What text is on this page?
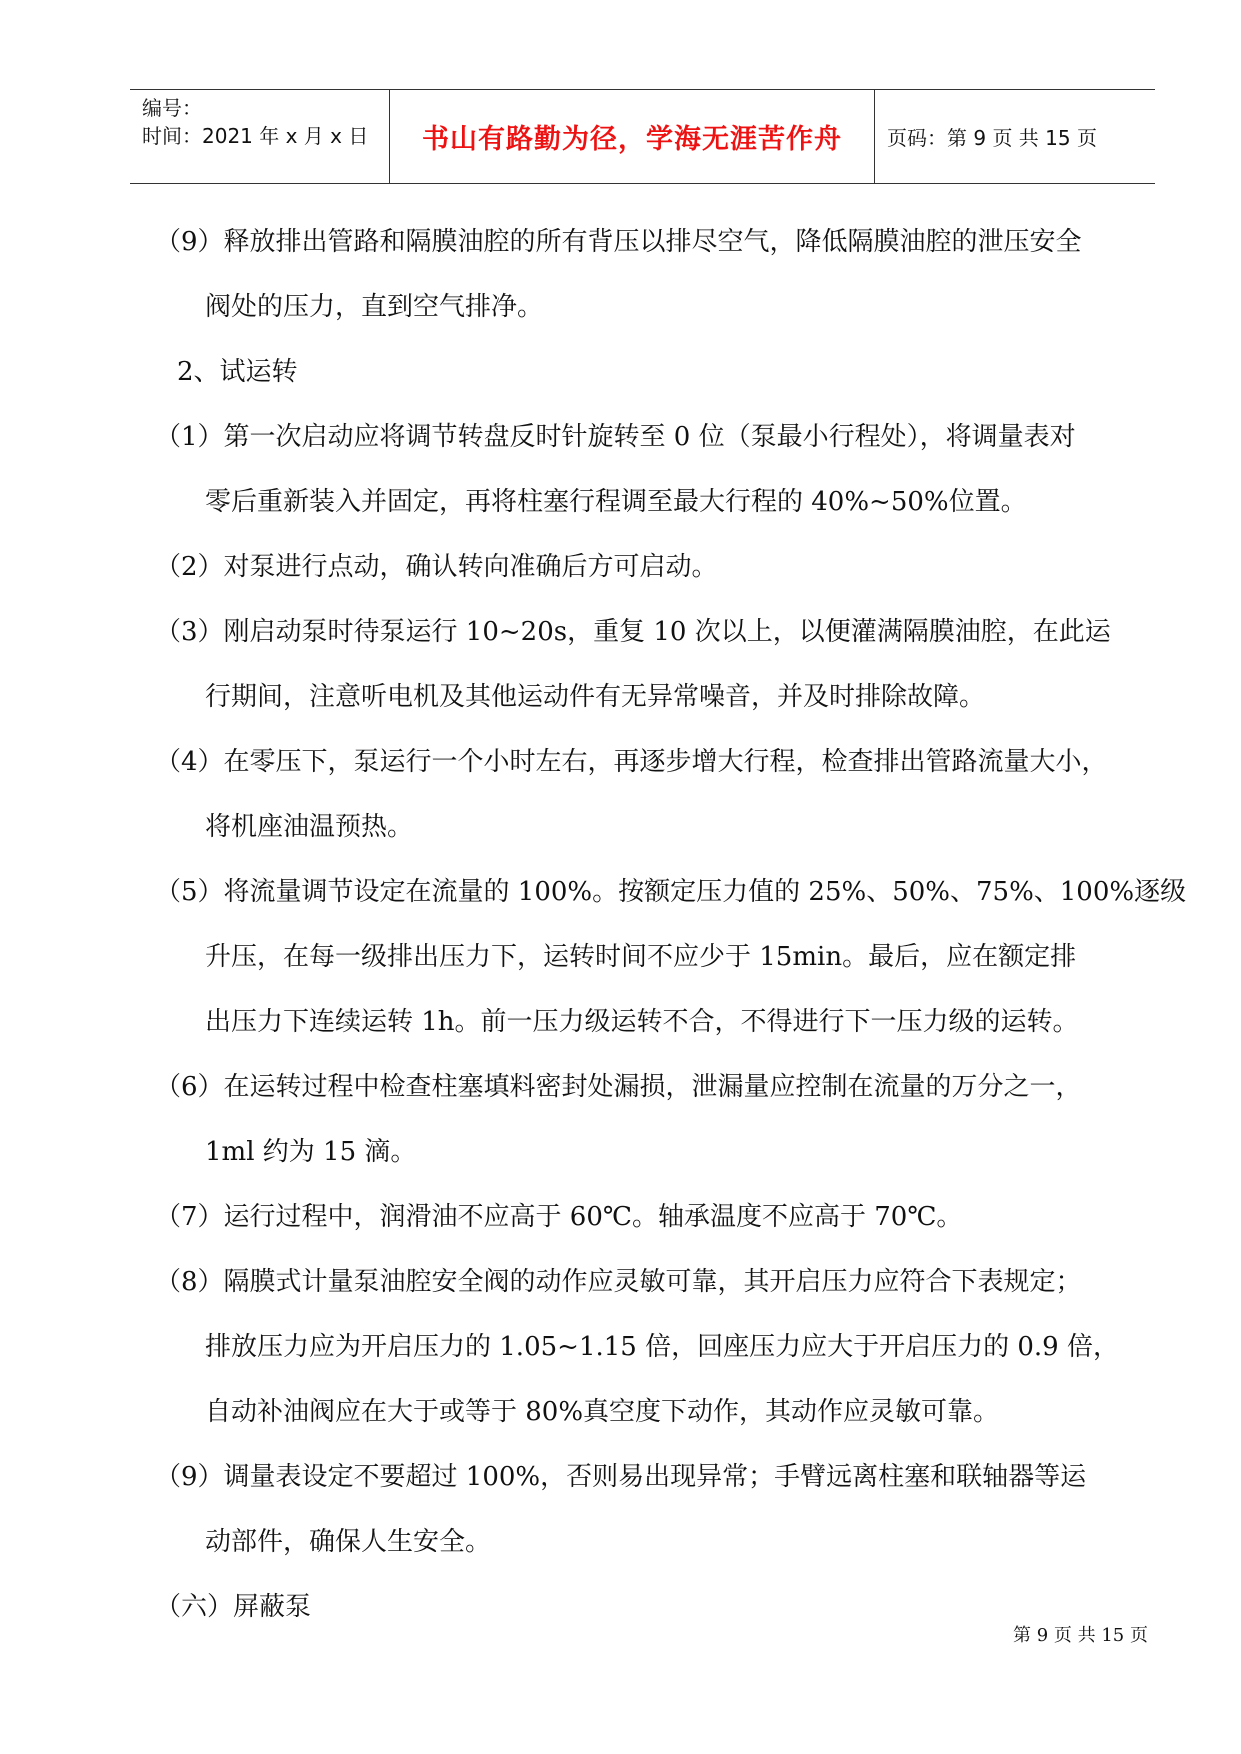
编号：
时间：2021 年 x 月 x 日	书山有路勤为径，学海无涯苦作舟 页码：第 9 页 共 15 页

（9）释放排出管路和隔膜油腔的所有背压以排尽空气，降低隔膜油腔的泄压安全

阀处的压力，直到空气排净。

2、试运转

（1）第一次启动应将调节转盘反时针旋转至 0 位（泵最小行程处），将调量表对

零后重新装入并固定，再将柱塞行程调至最大行程的 40%~50%位置。

（2）对泵进行点动，确认转向准确后方可启动。

（3）刚启动泵时待泵运行 10~20s，重复 10 次以上，以便灌满隔膜油腔，在此运

行期间，注意听电机及其他运动件有无异常噪音，并及时排除故障。

（4）在零压下，泵运行一个小时左右，再逐步增大行程，检查排出管路流量大小，

将机座油温预热。

（5）将流量调节设定在流量的 100%。按额定压力值的 25%、50%、75%、100%逐级

升压，在每一级排出压力下，运转时间不应少于 15min。最后，应在额定排

出压力下连续运转 1h。前一压力级运转不合，不得进行下一压力级的运转。

（6）在运转过程中检查柱塞填料密封处漏损，泄漏量应控制在流量的万分之一，

1ml 约为 15 滴。

（7）运行过程中，润滑油不应高于 60℃。轴承温度不应高于 70℃。

（8）隔膜式计量泵油腔安全阀的动作应灵敏可靠，其开启压力应符合下表规定；

排放压力应为开启压力的 1.05~1.15 倍，回座压力应大于开启压力的 0.9 倍，

自动补油阀应在大于或等于 80%真空度下动作，其动作应灵敏可靠。

（9）调量表设定不要超过 100%，否则易出现异常；手臂远离柱塞和联轴器等运

动部件，确保人生安全。

（六）屏蔽泵

第 9 页 共 15 页
